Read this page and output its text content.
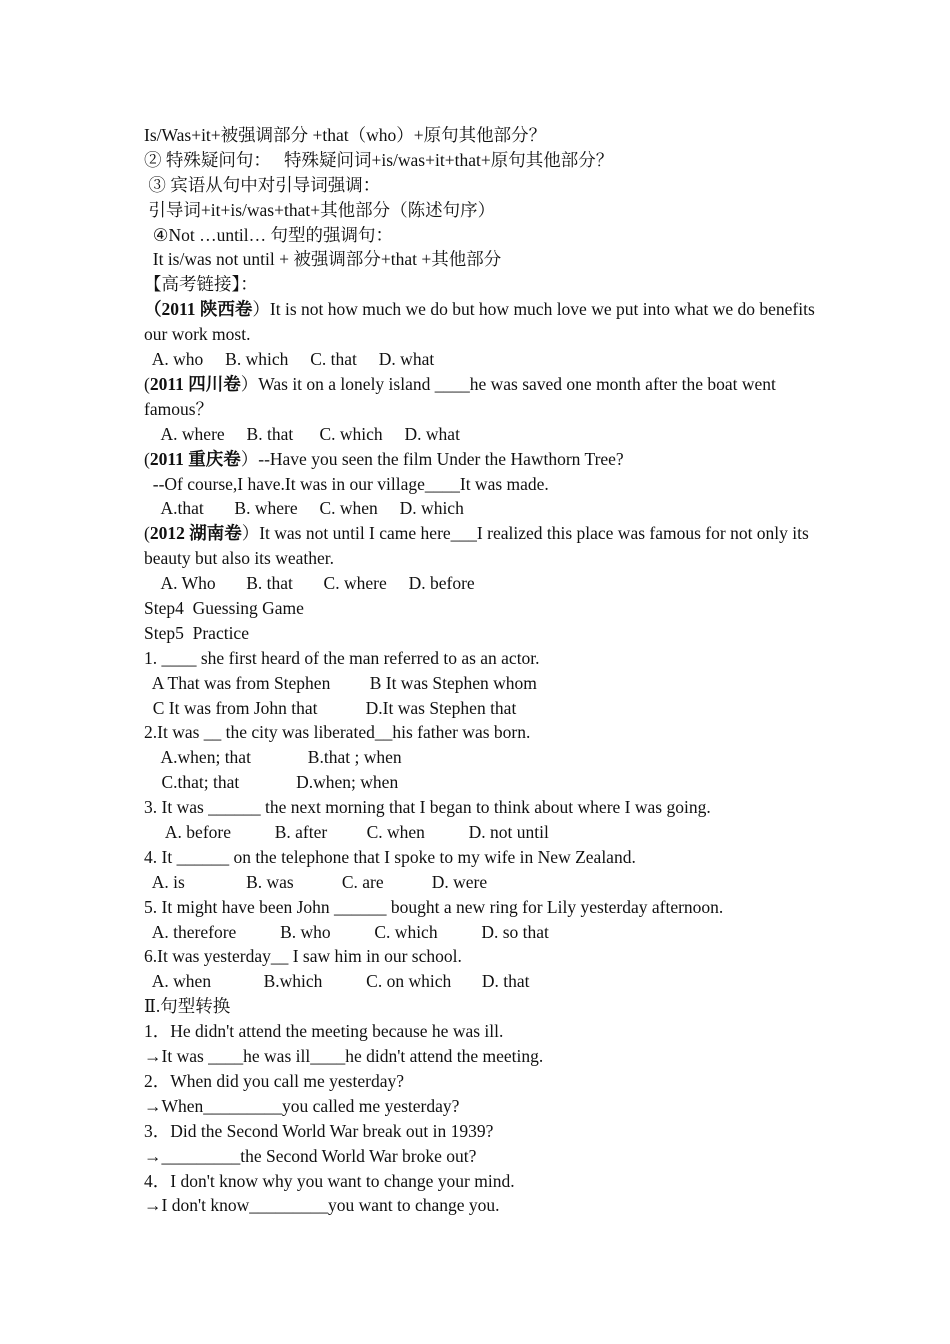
Is/Was+it+被强调部分 +that（who）+原句其他部分？
② 特殊疑问句：   特殊疑问词+is/was+it+that+原句其他部分？
③ 宾语从句中对引导词强调：
引导词+it+is/was+that+其他部分（陈述句序）
④Not …until… 句型的强调句：
It is/was not until + 被强调部分+that +其他部分
【高考链接】：
（2011 陕西卷）It is not how much we do but how much love we put into what we do benefits our work most.
A. who     B. which     C. that     D. what
(2011 四川卷）Was it on a lonely island ____he was saved one month after the boat went famous？
A. where     B. that      C. which     D. what
(2011 重庆卷）--Have you seen the film Under the Hawthorn Tree?
--Of course,I have.It was in our village____It was made.
A.that       B. where     C. when     D. which
(2012 湖南卷）It was not until I came here___I realized this place was famous for not only its beauty but also its weather.
A. Who       B. that       C. where     D. before
Step4  Guessing Game
Step5  Practice
1. ____ she first heard of the man referred to as an actor.
A That was from Stephen         B It was Stephen whom
C It was from John that           D.It was Stephen that
2.It was __ the city was liberated__his father was born.
A.when; that             B.that ; when
C.that; that             D.when; when
3. It was ______ the next morning that I began to think about where I was going.
A. before          B. after         C. when          D. not until
4. It ______ on the telephone that I spoke to my wife in New Zealand.
A. is              B. was           C. are           D. were
5. It might have been John ______ bought a new ring for Lily yesterday afternoon.
A. therefore          B. who          C. which          D. so that
6.It was yesterday__ I saw him in our school.
A. when            B.which          C. on which       D. that
Ⅱ.句型转换
1．He didn't attend the meeting because he was ill.
→It was ____he was ill____he didn't attend the meeting.
2．When did you call me yesterday?
→When_________you called me yesterday?
3．Did the Second World War break out in 1939?
→_________the Second World War broke out?
4．I don't know why you want to change your mind.
→I don't know_________you want to change you.
